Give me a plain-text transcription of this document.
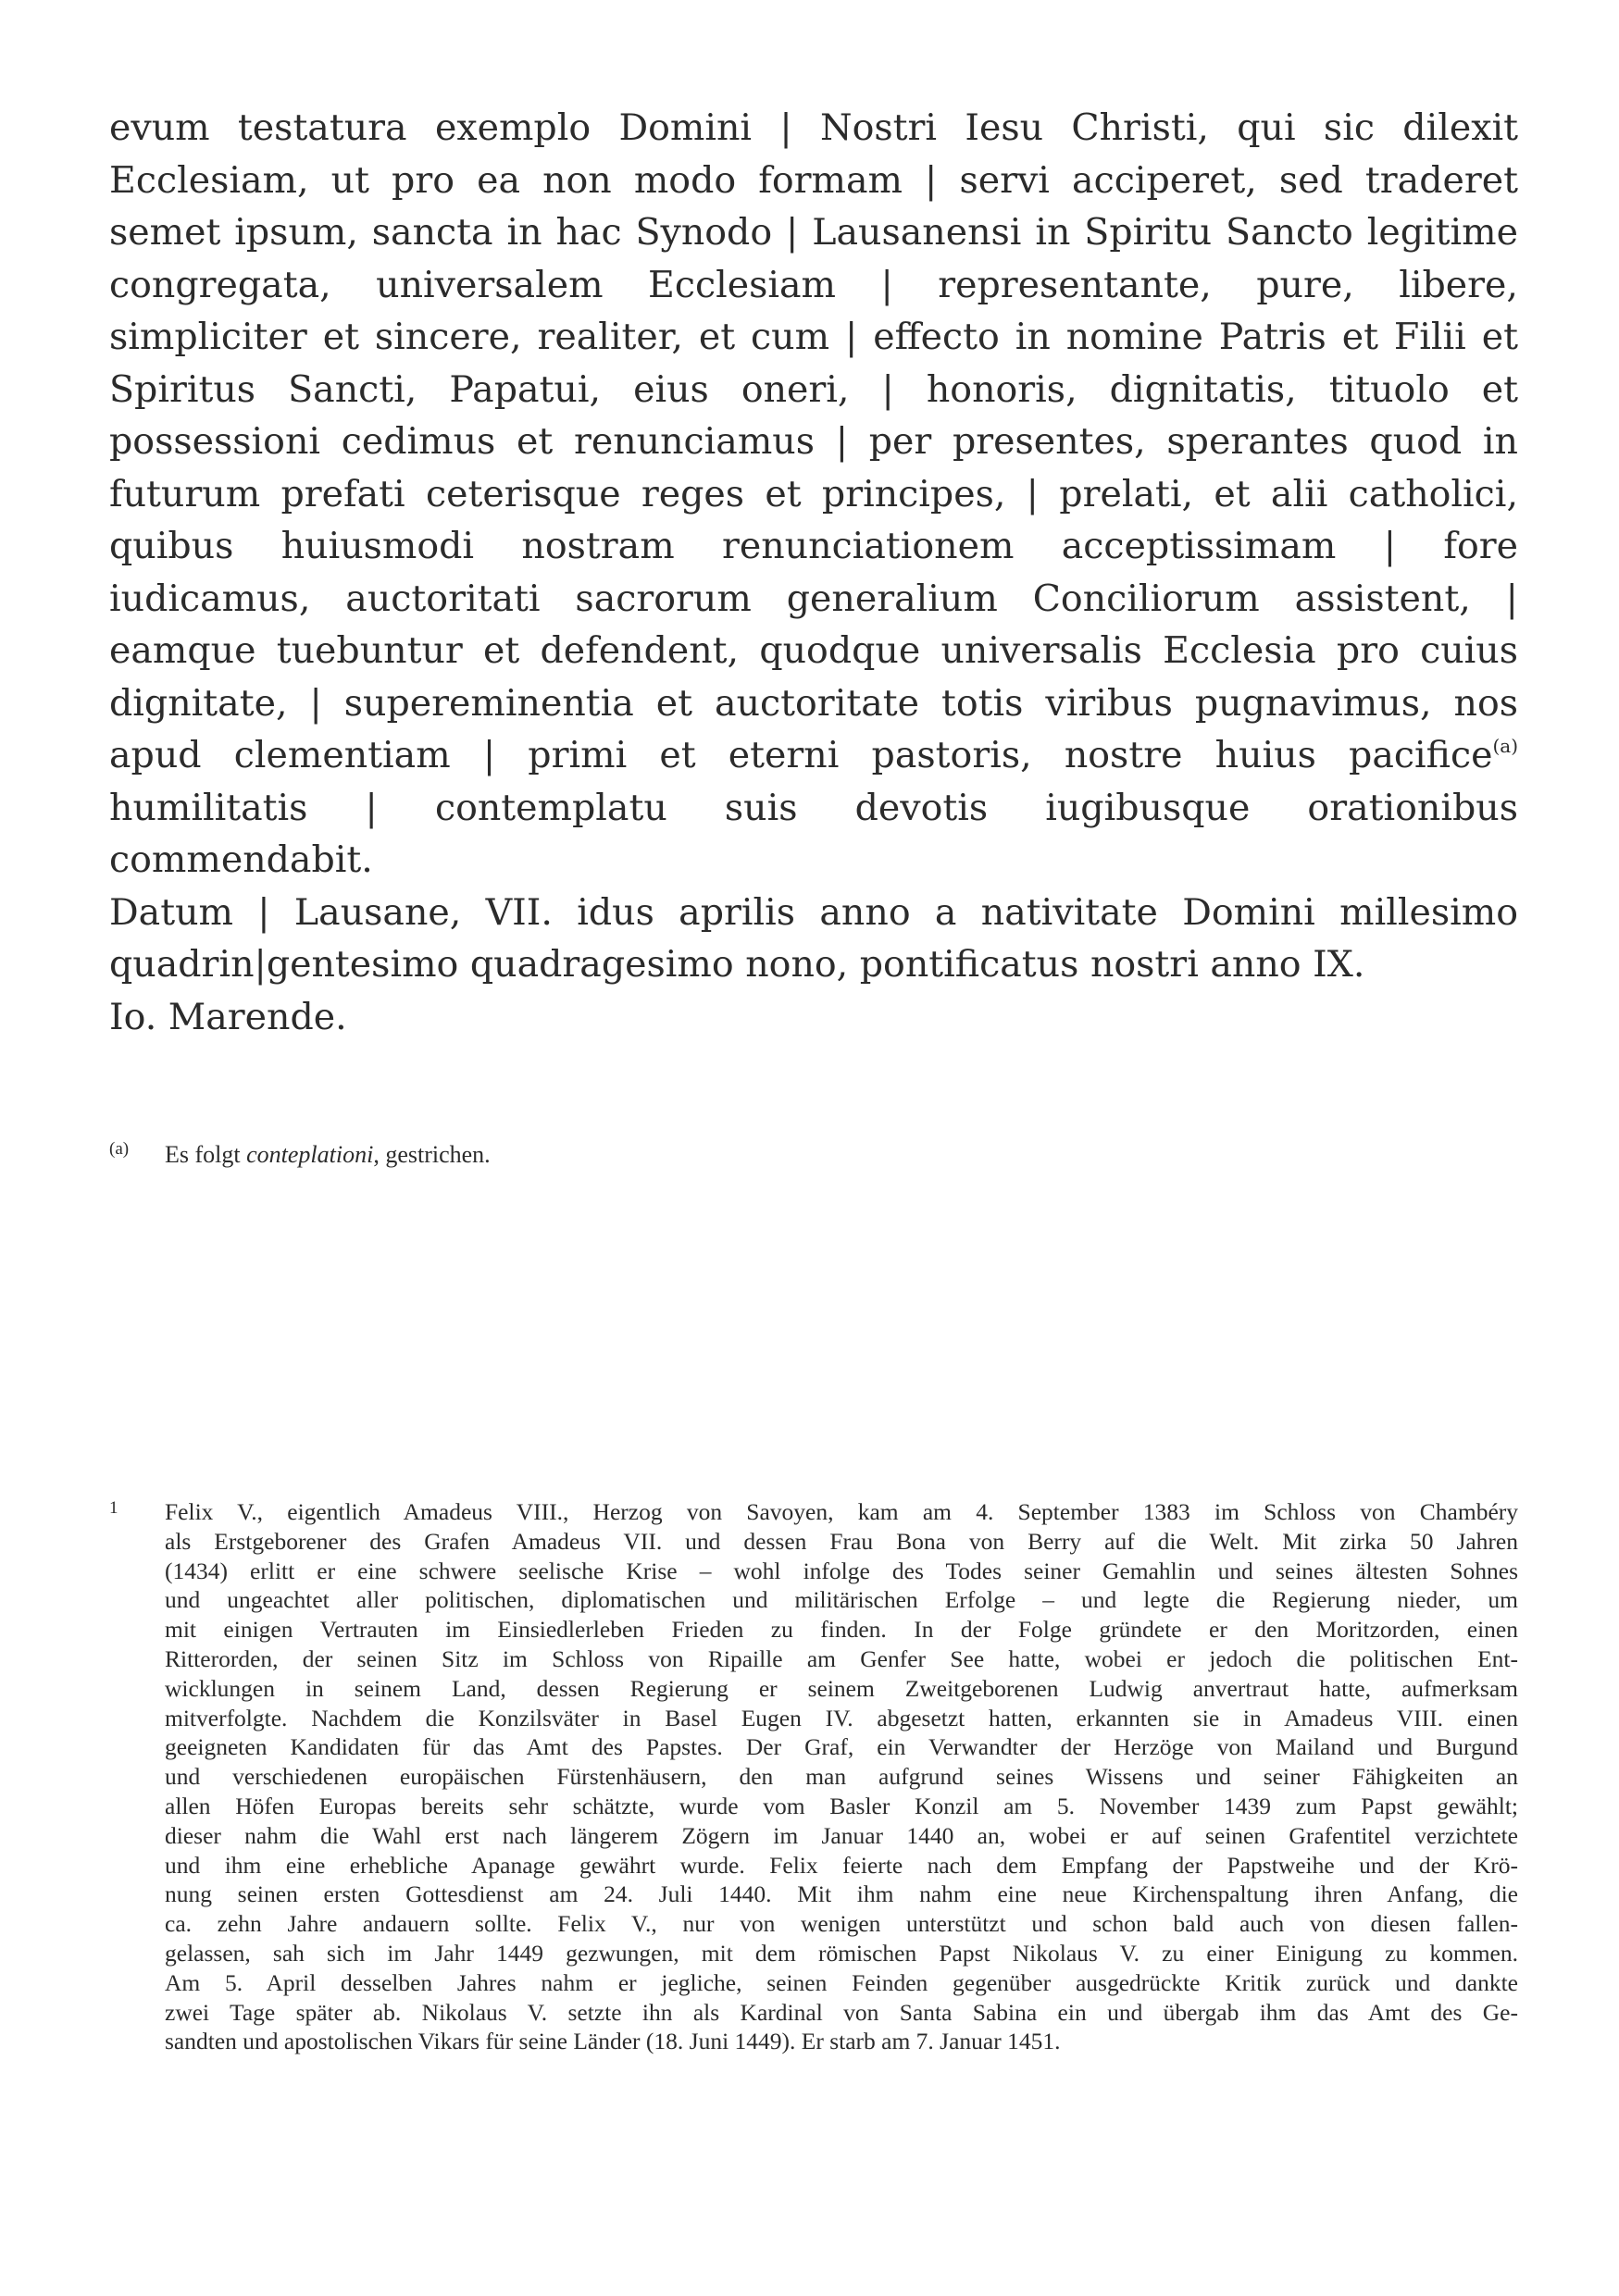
evum testatura exemplo Domini | Nostri Iesu Christi, qui sic dilexit
Ecclesiam, ut pro ea non modo formam | servi acciperet, sed traderet
semet ipsum, sancta in hac Synodo | Lausanensi in Spiritu Sancto legitime
congregata, universalem Ecclesiam | representante, pure, libere,
simpliciter et sincere, realiter, et cum | effecto in nomine Patris et Filii et
Spiritus Sancti, Papatui, eius oneri, | honoris, dignitatis, tituolo et
possessioni cedimus et renunciamus | per presentes, sperantes quod in
futurum prefati ceterisque reges et principes, | prelati, et alii catholici,
quibus huiusmodi nostram renunciationem acceptissimam | fore
iudicamus, auctoritati sacrorum generalium Conciliorum assistent, |
eamque tuebuntur et defendent, quodque universalis Ecclesia pro cuius
dignitate, | supereminentia et auctoritate totis viribus pugnavimus, nos
apud clementiam | primi et eterni pastoris, nostre huius pacifice$^{(a)}$
humilitatis | contemplatu suis devotis iugibusque orationibus
commendabit.
Datum | Lausane, VII. idus aprilis anno a nativitate Domini millesimo
quadrin|gentesimo quadragesimo nono, pontificatus nostri anno IX.
Io. Marende.
(a) Es folgt conteplationi, gestrichen.
1 Felix V., eigentlich Amadeus VIII., Herzog von Savoyen, kam am 4. September 1383 im Schloss von Chambéry
als Erstgeborener des Grafen Amadeus VII. und dessen Frau Bona von Berry auf die Welt. Mit zirka 50 Jahren
(1434) erlitt er eine schwere seelische Krise – wohl infolge des Todes seiner Gemahlin und seines ältesten Sohnes
und ungeachtet aller politischen, diplomatischen und militärischen Erfolge – und legte die Regierung nieder, um
mit einigen Vertrauten im Einsiedlerleben Frieden zu finden. In der Folge gründete er den Moritzorden, einen
Ritterorden, der seinen Sitz im Schloss von Ripaille am Genfer See hatte, wobei er jedoch die politischen Ent-
wicklungen in seinem Land, dessen Regierung er seinem Zweitgeborenen Ludwig anvertraut hatte, aufmerksam
mitverfolgte. Nachdem die Konzilsväter in Basel Eugen IV. abgesetzt hatten, erkannten sie in Amadeus VIII. einen
geeigneten Kandidaten für das Amt des Papstes. Der Graf, ein Verwandter der Herzöge von Mailand und Burgund
und verschiedenen europäischen Fürstenhäusern, den man aufgrund seines Wissens und seiner Fähigkeiten an
allen Höfen Europas bereits sehr schätzte, wurde vom Basler Konzil am 5. November 1439 zum Papst gewählt;
dieser nahm die Wahl erst nach längerem Zögern im Januar 1440 an, wobei er auf seinen Grafentitel verzichtete
und ihm eine erhebliche Apanage gewährt wurde. Felix feierte nach dem Empfang der Papstweihe und der Krö-
nung seinen ersten Gottesdienst am 24. Juli 1440. Mit ihm nahm eine neue Kirchenspaltung ihren Anfang, die
ca. zehn Jahre andauern sollte. Felix V., nur von wenigen unterstützt und schon bald auch von diesen fallen-
gelassen, sah sich im Jahr 1449 gezwungen, mit dem römischen Papst Nikolaus V. zu einer Einigung zu kommen.
Am 5. April desselben Jahres nahm er jegliche, seinen Feinden gegenüber ausgedrückte Kritik zurück und dankte
zwei Tage später ab. Nikolaus V. setzte ihn als Kardinal von Santa Sabina ein und übergab ihm das Amt des Ge-
sandten und apostolischen Vikars für seine Länder (18. Juni 1449). Er starb am 7. Januar 1451.
